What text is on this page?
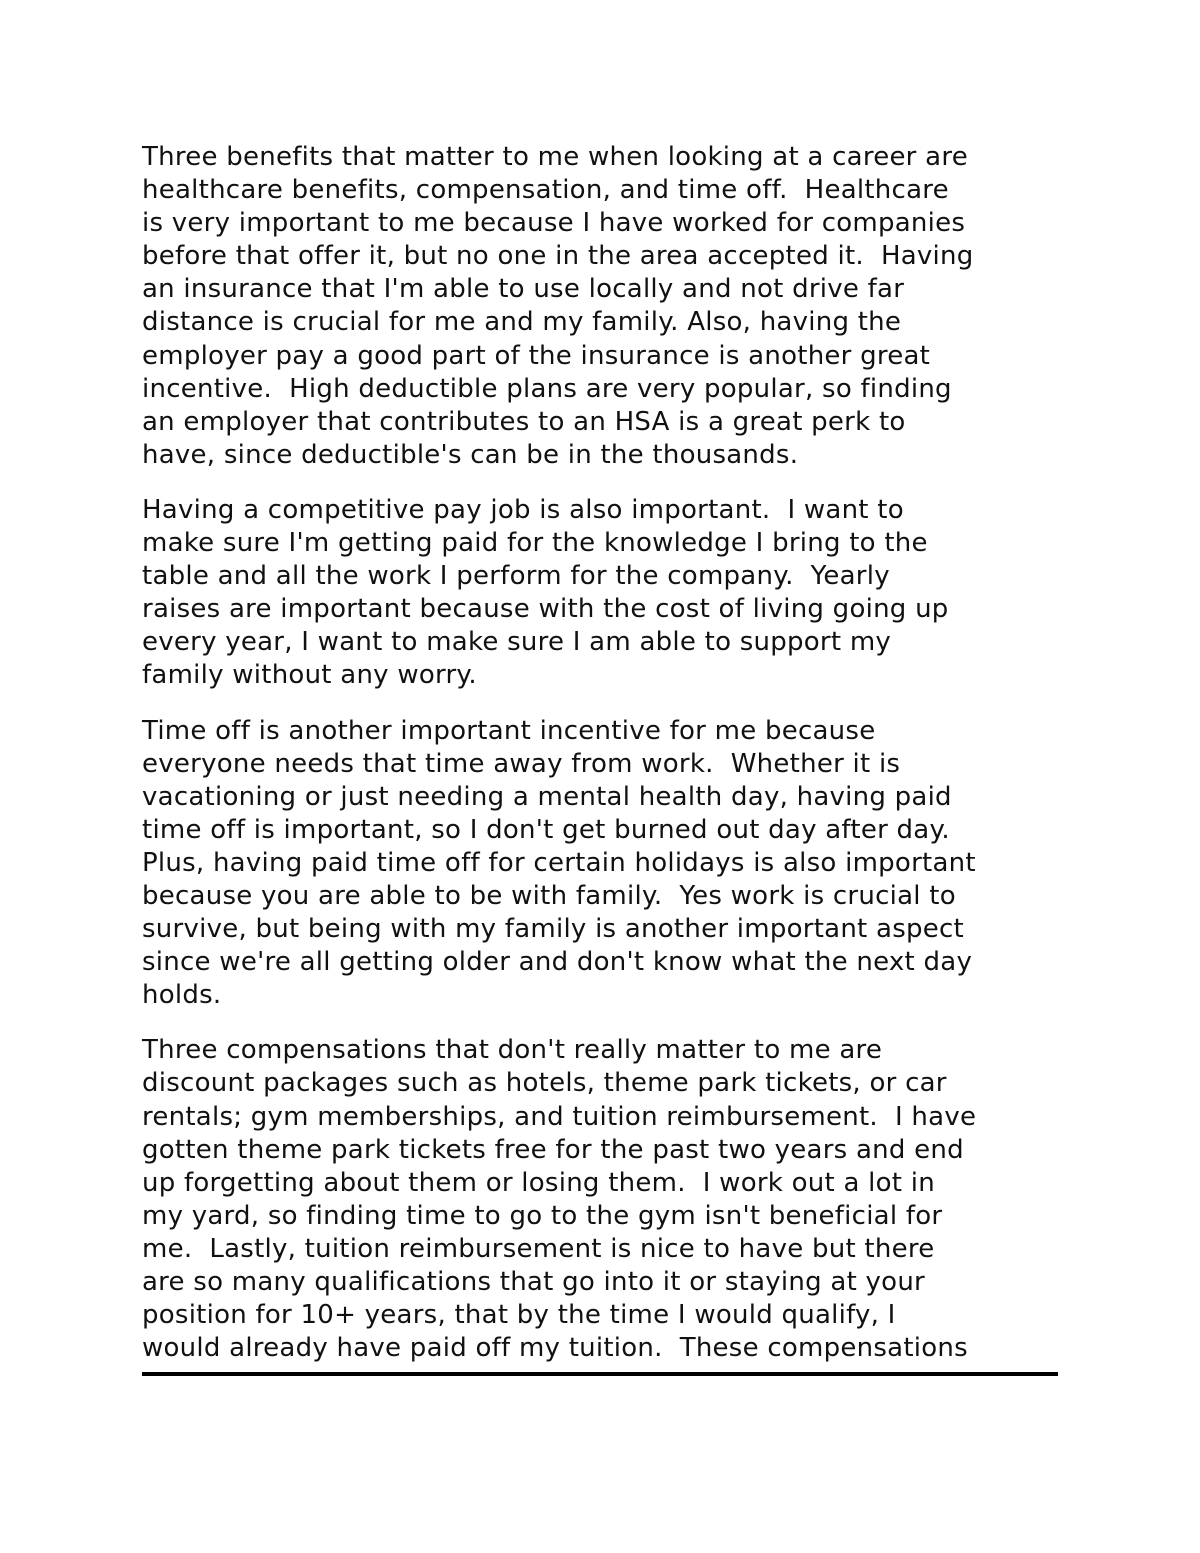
Three benefits that matter to me when looking at a career are
healthcare benefits, compensation, and time off.  Healthcare
is very important to me because I have worked for companies
before that offer it, but no one in the area accepted it.  Having
an insurance that I'm able to use locally and not drive far
distance is crucial for me and my family. Also, having the
employer pay a good part of the insurance is another great
incentive.  High deductible plans are very popular, so finding
an employer that contributes to an HSA is a great perk to
have, since deductible's can be in the thousands.
Having a competitive pay job is also important.  I want to
make sure I'm getting paid for the knowledge I bring to the
table and all the work I perform for the company.  Yearly
raises are important because with the cost of living going up
every year, I want to make sure I am able to support my
family without any worry.
Time off is another important incentive for me because
everyone needs that time away from work.  Whether it is
vacationing or just needing a mental health day, having paid
time off is important, so I don't get burned out day after day.
Plus, having paid time off for certain holidays is also important
because you are able to be with family.  Yes work is crucial to
survive, but being with my family is another important aspect
since we're all getting older and don't know what the next day
holds.
Three compensations that don't really matter to me are
discount packages such as hotels, theme park tickets, or car
rentals; gym memberships, and tuition reimbursement.  I have
gotten theme park tickets free for the past two years and end
up forgetting about them or losing them.  I work out a lot in
my yard, so finding time to go to the gym isn't beneficial for
me.  Lastly, tuition reimbursement is nice to have but there
are so many qualifications that go into it or staying at your
position for 10+ years, that by the time I would qualify, I
would already have paid off my tuition.  These compensations
